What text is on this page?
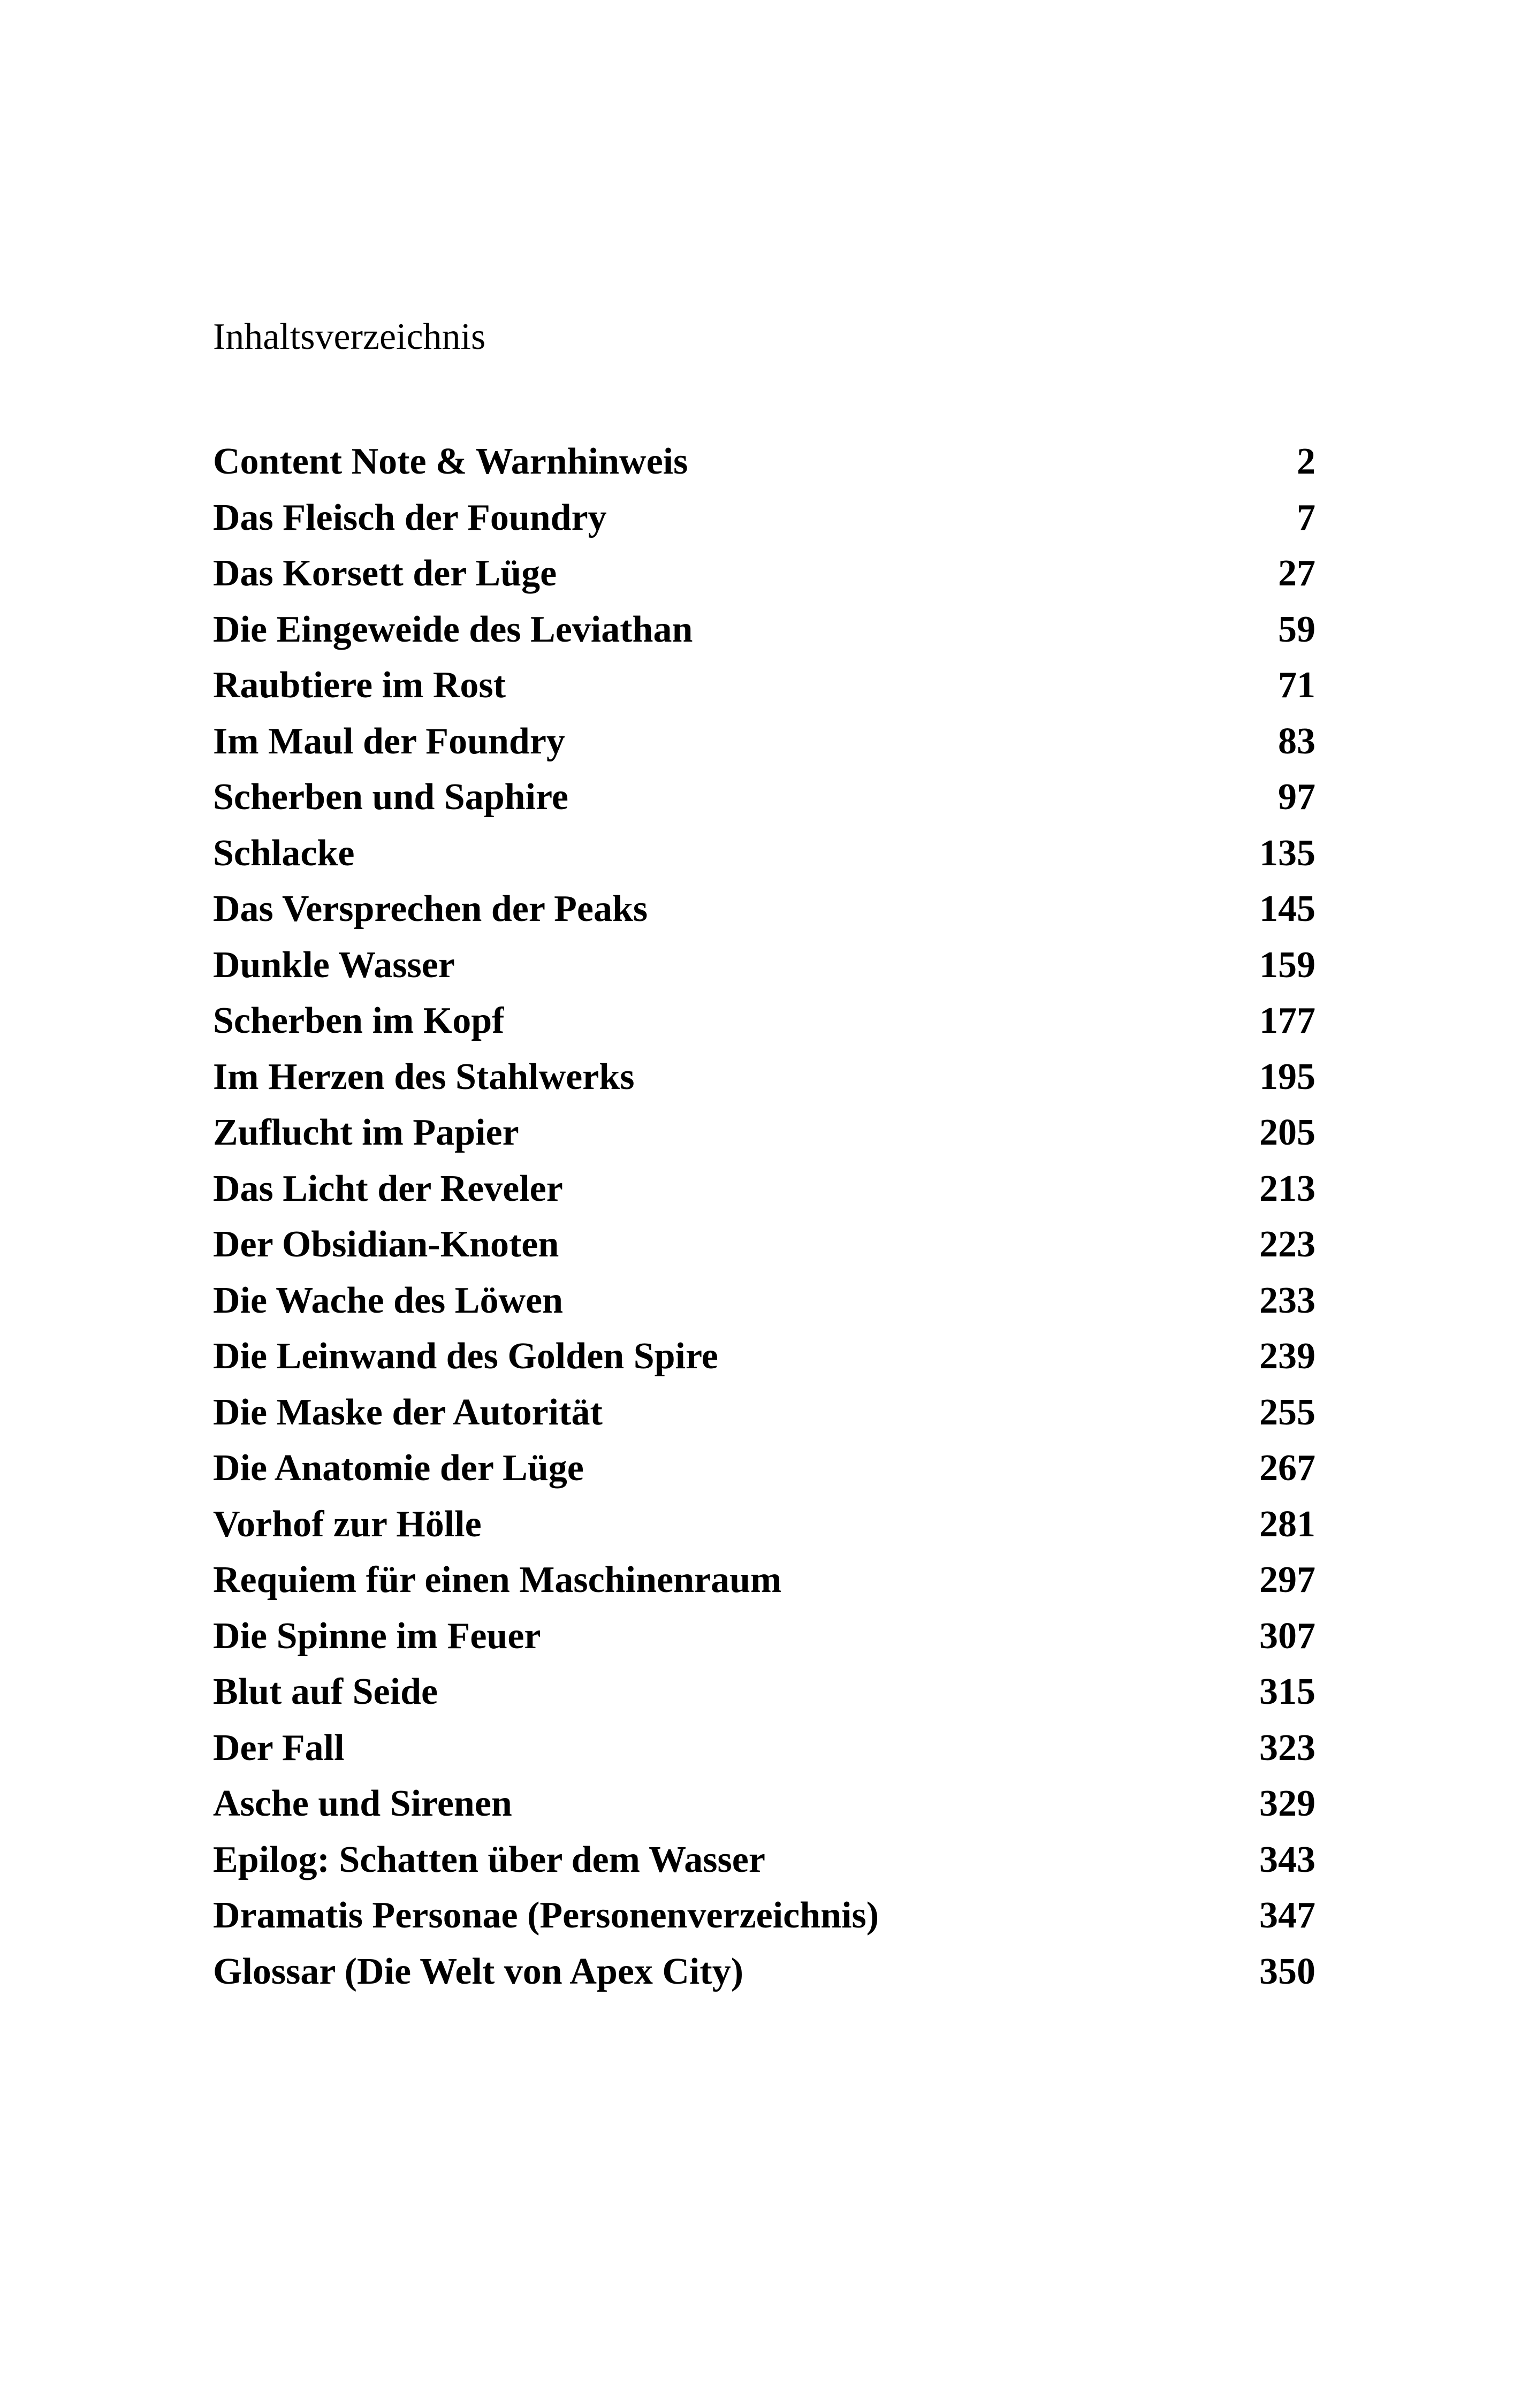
Inhaltsverzeichnis
Content Note & Warnhinweis	2
Das Fleisch der Foundry	7
Das Korsett der Lüge	27
Die Eingeweide des Leviathan	59
Raubtiere im Rost	71
Im Maul der Foundry	83
Scherben und Saphire	97
Schlacke	135
Das Versprechen der Peaks	145
Dunkle Wasser	159
Scherben im Kopf	177
Im Herzen des Stahlwerks	195
Zuflucht im Papier	205
Das Licht der Reveler	213
Der Obsidian-Knoten	223
Die Wache des Löwen	233
Die Leinwand des Golden Spire	239
Die Maske der Autorität	255
Die Anatomie der Lüge	267
Vorhof zur Hölle	281
Requiem für einen Maschinenraum	297
Die Spinne im Feuer	307
Blut auf Seide	315
Der Fall	323
Asche und Sirenen	329
Epilog: Schatten über dem Wasser	343
Dramatis Personae (Personenverzeichnis)	347
Glossar (Die Welt von Apex City)	350
